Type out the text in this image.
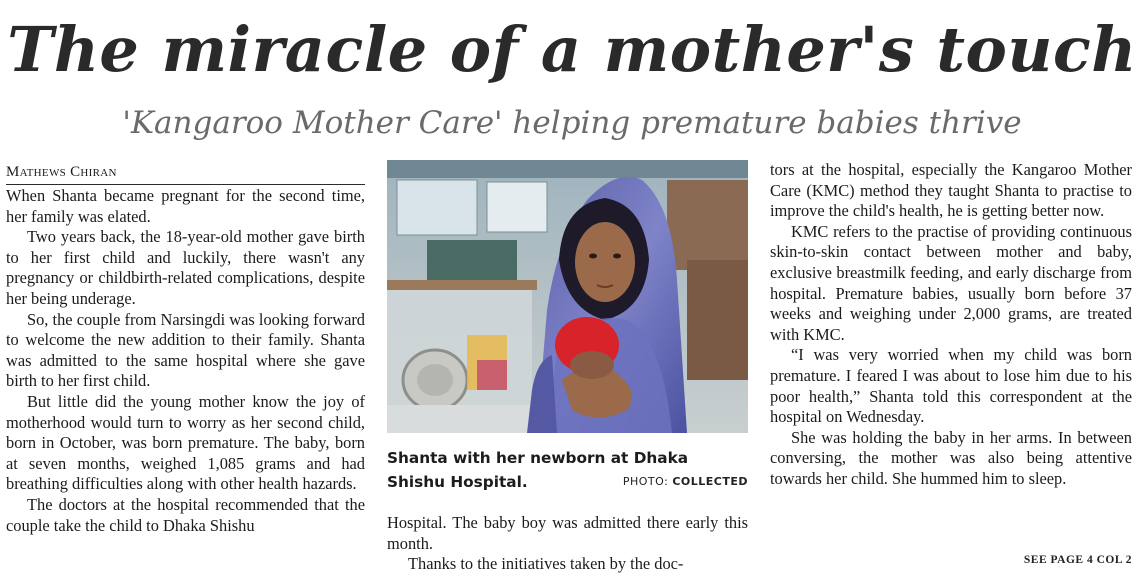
The miracle of a mother's touch
'Kangaroo Mother Care' helping premature babies thrive
Mathews Chiran

When Shanta became pregnant for the second time, her family was elated.

Two years back, the 18-year-old mother gave birth to her first child and luckily, there wasn't any pregnancy or childbirth-related complications, despite her being underage.

So, the couple from Narsingdi was looking forward to welcome the new addition to their family. Shanta was admitted to the same hospital where she gave birth to her first child.

But little did the young mother know the joy of motherhood would turn to worry as her second child, born in October, was born premature. The baby, born at seven months, weighed 1,085 grams and had breathing difficulties along with other health hazards.

The doctors at the hospital recommended that the couple take the child to Dhaka Shishu

Shanta with her newborn at Dhaka Shishu Hospital.	PHOTO: COLLECTED

Hospital. The baby boy was admitted there early this month.

Thanks to the initiatives taken by the doc-

tors at the hospital, especially the Kangaroo Mother Care (KMC) method they taught Shanta to practise to improve the child's health, he is getting better now.

KMC refers to the practise of providing continuous skin-to-skin contact between mother and baby, exclusive breastmilk feeding, and early discharge from hospital. Premature babies, usually born before 37 weeks and weighing under 2,000 grams, are treated with KMC.

“I was very worried when my child was born premature. I feared I was about to lose him due to his poor health,” Shanta told this correspondent at the hospital on Wednesday.

She was holding the baby in her arms. In between conversing, the mother was also being attentive towards her child. She hummed him to sleep.

SEE PAGE 4 COL 2
